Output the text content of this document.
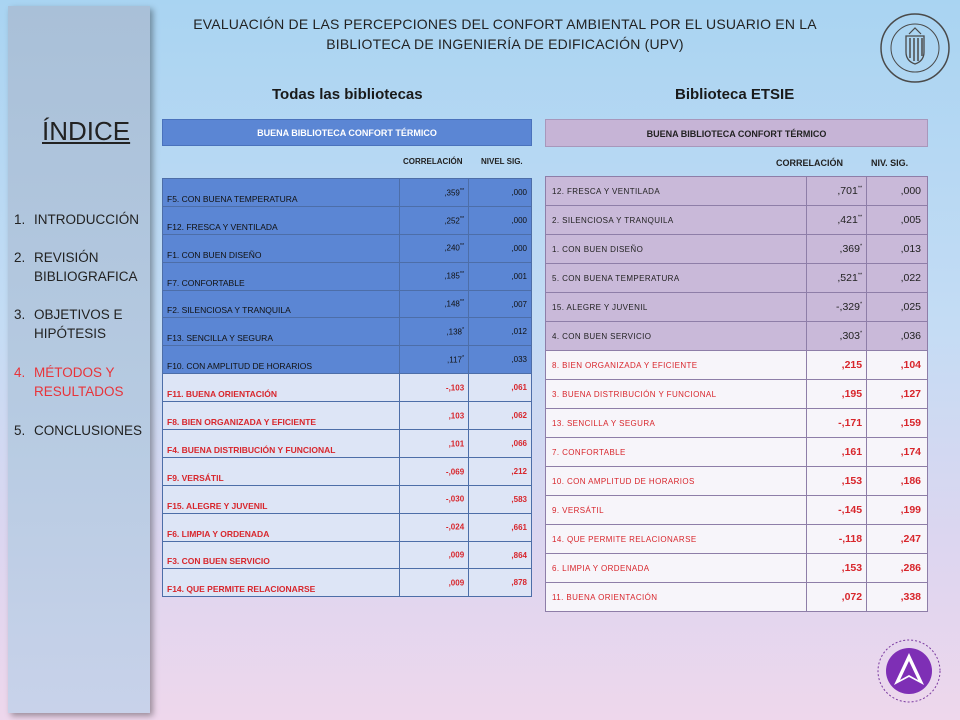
ÍNDICE
1. INTRODUCCIÓN
2. REVISIÓN BIBLIOGRAFICA
3. OBJETIVOS E HIPÓTESIS
4. MÉTODOS Y RESULTADOS
5. CONCLUSIONES
EVALUACIÓN DE LAS PERCEPCIONES DEL CONFORT AMBIENTAL POR EL USUARIO EN LA
BIBLIOTECA DE INGENIERÍA DE EDIFICACIÓN (UPV)
Todas las bibliotecas
BUENA BIBLIOTECA CONFORT TÉRMICO
CORRELACIÓN NIVEL SIG.
F5. CON BUENA TEMPERATURA	,359**	,000
F12. FRESCA Y VENTILADA	,252**	,000
F1. CON BUEN DISEÑO	,240**	,000
F7. CONFORTABLE	,185**	,001
F2. SILENCIOSA Y TRANQUILA	,148**	,007
F13. SENCILLA Y SEGURA	,138*	,012
F10. CON AMPLITUD DE HORARIOS	,117*	,033
F11. BUENA ORIENTACIÓN	-,103	,061
F8. BIEN ORGANIZADA Y EFICIENTE	,103	,062
F4. BUENA DISTRIBUCIÓN Y FUNCIONAL	,101	,066
F9. VERSÁTIL	-,069	,212
F15. ALEGRE Y JUVENIL	-,030	,583
F6. LIMPIA Y ORDENADA	-,024	,661
F3. CON BUEN SERVICIO	,009	,864
F14. QUE PERMITE RELACIONARSE	,009	,878
Biblioteca ETSIE
BUENA BIBLIOTECA CONFORT TÉRMICO
CORRELACIÓN	NIV. SIG.
12. FRESCA Y VENTILADA	,701**	,000
2. SILENCIOSA Y TRANQUILA	,421**	,005
1. CON BUEN DISEÑO	,369*	,013
5. CON BUENA TEMPERATURA	,521**	,022
15. ALEGRE Y JUVENIL	-,329*	,025
4. CON BUEN SERVICIO	,303*	,036
8. BIEN ORGANIZADA Y EFICIENTE	,215	,104
3. BUENA DISTRIBUCIÓN Y FUNCIONAL	,195	,127
13. SENCILLA Y SEGURA	-,171	,159
7. CONFORTABLE	,161	,174
10. CON AMPLITUD DE HORARIOS	,153	,186
9. VERSÁTIL	-,145	,199
14. QUE PERMITE RELACIONARSE	-,118	,247
6. LIMPIA Y ORDENADA	,153	,286
11. BUENA ORIENTACIÓN	,072	,338
